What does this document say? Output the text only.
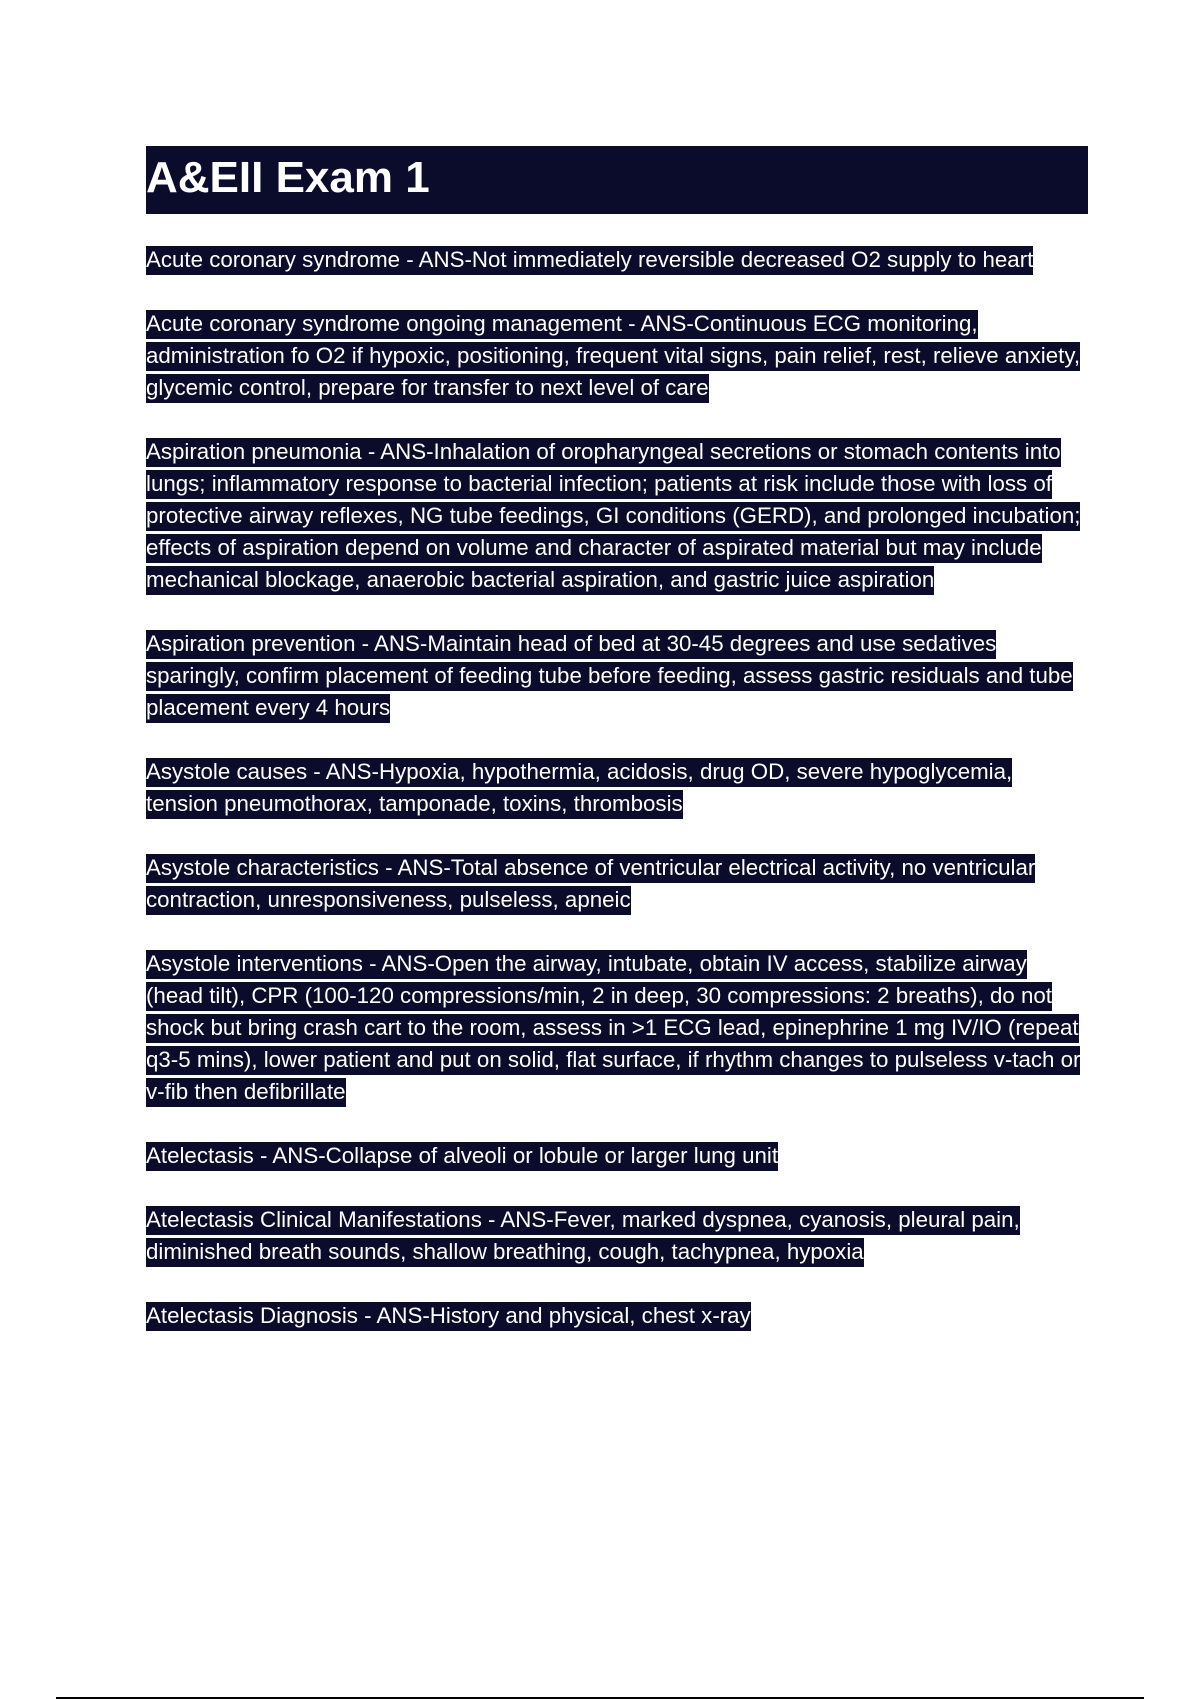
A&EII Exam 1

Acute coronary syndrome - ANS-Not immediately reversible decreased O2 supply to heart

Acute coronary syndrome ongoing management - ANS-Continuous ECG monitoring, administration fo O2 if hypoxic, positioning, frequent vital signs, pain relief, rest, relieve anxiety, glycemic control, prepare for transfer to next level of care

Aspiration pneumonia - ANS-Inhalation of oropharyngeal secretions or stomach contents into lungs; inflammatory response to bacterial infection; patients at risk include those with loss of protective airway reflexes, NG tube feedings, GI conditions (GERD), and prolonged incubation; effects of aspiration depend on volume and character of aspirated material but may include mechanical blockage, anaerobic bacterial aspiration, and gastric juice aspiration

Aspiration prevention - ANS-Maintain head of bed at 30-45 degrees and use sedatives sparingly, confirm placement of feeding tube before feeding, assess gastric residuals and tube placement every 4 hours

Asystole causes - ANS-Hypoxia, hypothermia, acidosis, drug OD, severe hypoglycemia, tension pneumothorax, tamponade, toxins, thrombosis

Asystole characteristics - ANS-Total absence of ventricular electrical activity, no ventricular contraction, unresponsiveness, pulseless, apneic

Asystole interventions - ANS-Open the airway, intubate, obtain IV access, stabilize airway (head tilt), CPR (100-120 compressions/min, 2 in deep, 30 compressions: 2 breaths), do not shock but bring crash cart to the room, assess in >1 ECG lead, epinephrine 1 mg IV/IO (repeat q3-5 mins), lower patient and put on solid, flat surface, if rhythm changes to pulseless v-tach or v-fib then defibrillate

Atelectasis - ANS-Collapse of alveoli or lobule or larger lung unit

Atelectasis Clinical Manifestations - ANS-Fever, marked dyspnea, cyanosis, pleural pain, diminished breath sounds, shallow breathing, cough, tachypnea, hypoxia

Atelectasis Diagnosis - ANS-History and physical, chest x-ray
